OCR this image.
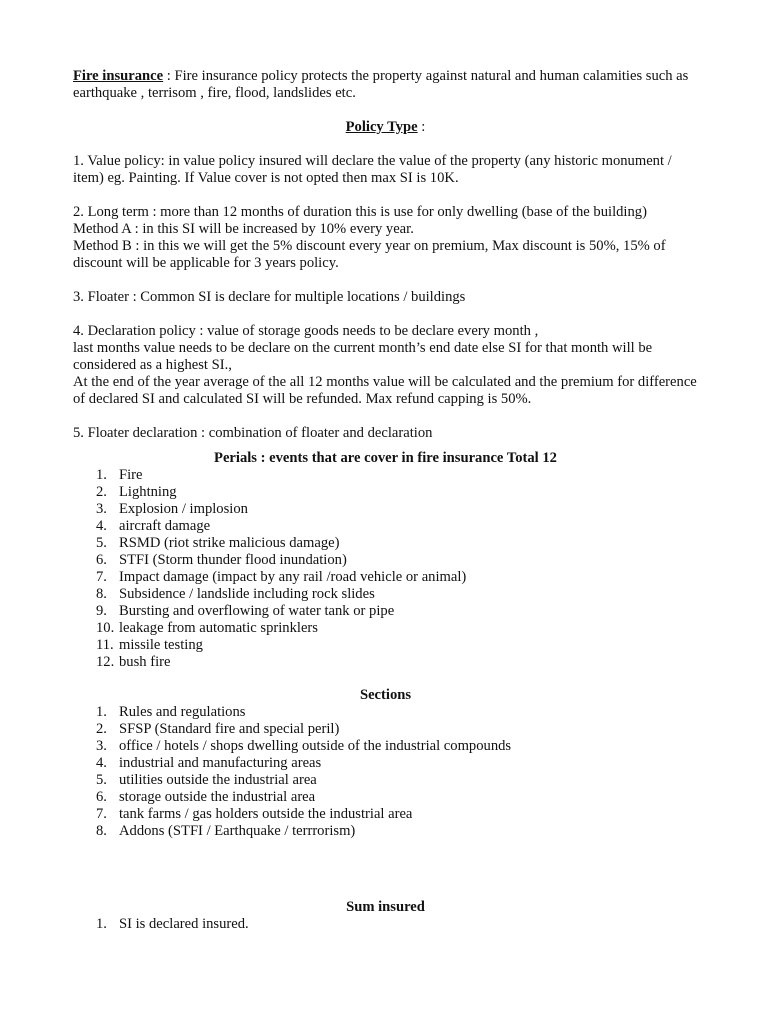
Fire insurance : Fire insurance policy protects the property against natural and human calamities such as earthquake , terrisom , fire, flood, landslides etc.

Policy Type :

1. Value policy: in value policy insured will declare the value of the property (any historic monument / item) eg. Painting. If Value cover is not opted then max SI is 10K.

2. Long term : more than 12 months of duration this is use for only dwelling (base of the building)

Method A : in this SI will be increased by 10% every year.

Method B : in this we will get the 5% discount every year on premium, Max discount is 50%, 15% of discount will be applicable for 3 years policy.

3. Floater : Common SI is declare for multiple locations / buildings

4. Declaration policy : value of storage goods needs to be declare every month ,

last months value needs to be declare on the current month’s end date else SI for that month will be considered as a highest SI.,

At the end of the year average of the all 12 months value will be calculated and the premium for difference of declared SI and calculated SI will be refunded. Max refund capping is 50%.

5. Floater declaration : combination of floater and declaration

Perials : events that are cover in fire insurance Total 12

1. Fire
2. Lightning
3. Explosion / implosion
4. aircraft damage
5. RSMD (riot strike malicious damage)
6. STFI (Storm thunder flood inundation)
7. Impact damage (impact by any rail /road vehicle or animal)
8. Subsidence / landslide including rock slides
9. Bursting and overflowing of water tank or pipe
10. leakage from automatic sprinklers
11. missile testing
12. bush fire

Sections

1. Rules and regulations
2. SFSP (Standard fire and special peril)
3. office / hotels / shops dwelling outside of the industrial compounds
4. industrial and manufacturing areas
5. utilities outside the industrial area
6. storage outside the industrial area
7. tank farms / gas holders outside the industrial area
8. Addons (STFI / Earthquake / terrrorism)

Sum insured

1. SI is declared insured.
